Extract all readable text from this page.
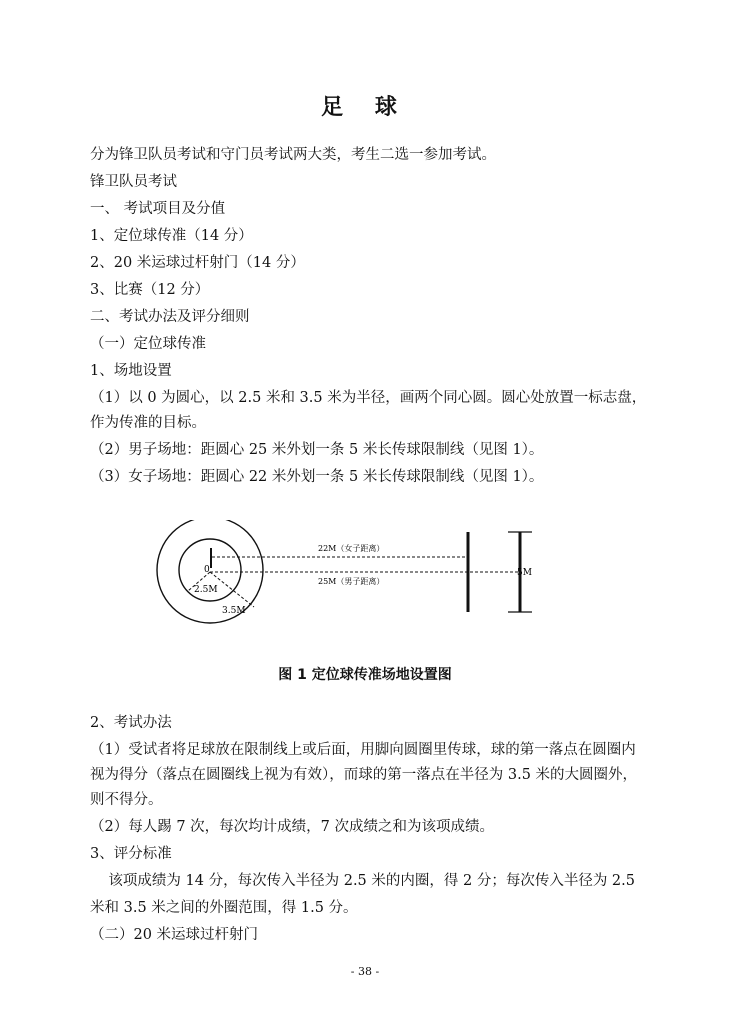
足 球
分为锋卫队员考试和守门员考试两大类，考生二选一参加考试。
锋卫队员考试
一、 考试项目及分值
1、定位球传准（14 分）
2、20 米运球过杆射门（14 分）
3、比赛（12 分）
二、考试办法及评分细则
（一）定位球传准
1、场地设置
（1）以 0 为圆心，以 2.5 米和 3.5 米为半径，画两个同心圆。圆心处放置一标志盘，
作为传准的目标。
（2）男子场地：距圆心 25 米外划一条 5 米长传球限制线（见图 1）。
（3）女子场地：距圆心 22 米外划一条 5 米长传球限制线（见图 1）。
0
2.5M
3.5M
22M（女子距离）
25M（男子距离）
5M
图 1 定位球传准场地设置图
2、考试办法
（1）受试者将足球放在限制线上或后面，用脚向圆圈里传球，球的第一落点在圆圈内
视为得分（落点在圆圈线上视为有效），而球的第一落点在半径为 3.5 米的大圆圈外，
则不得分。
（2）每人踢 7 次，每次均计成绩，7 次成绩之和为该项成绩。
3、评分标准
该项成绩为 14 分，每次传入半径为 2.5 米的内圈，得 2 分；每次传入半径为 2.5
米和 3.5 米之间的外圈范围，得 1.5 分。
（二）20 米运球过杆射门
- 38 -
